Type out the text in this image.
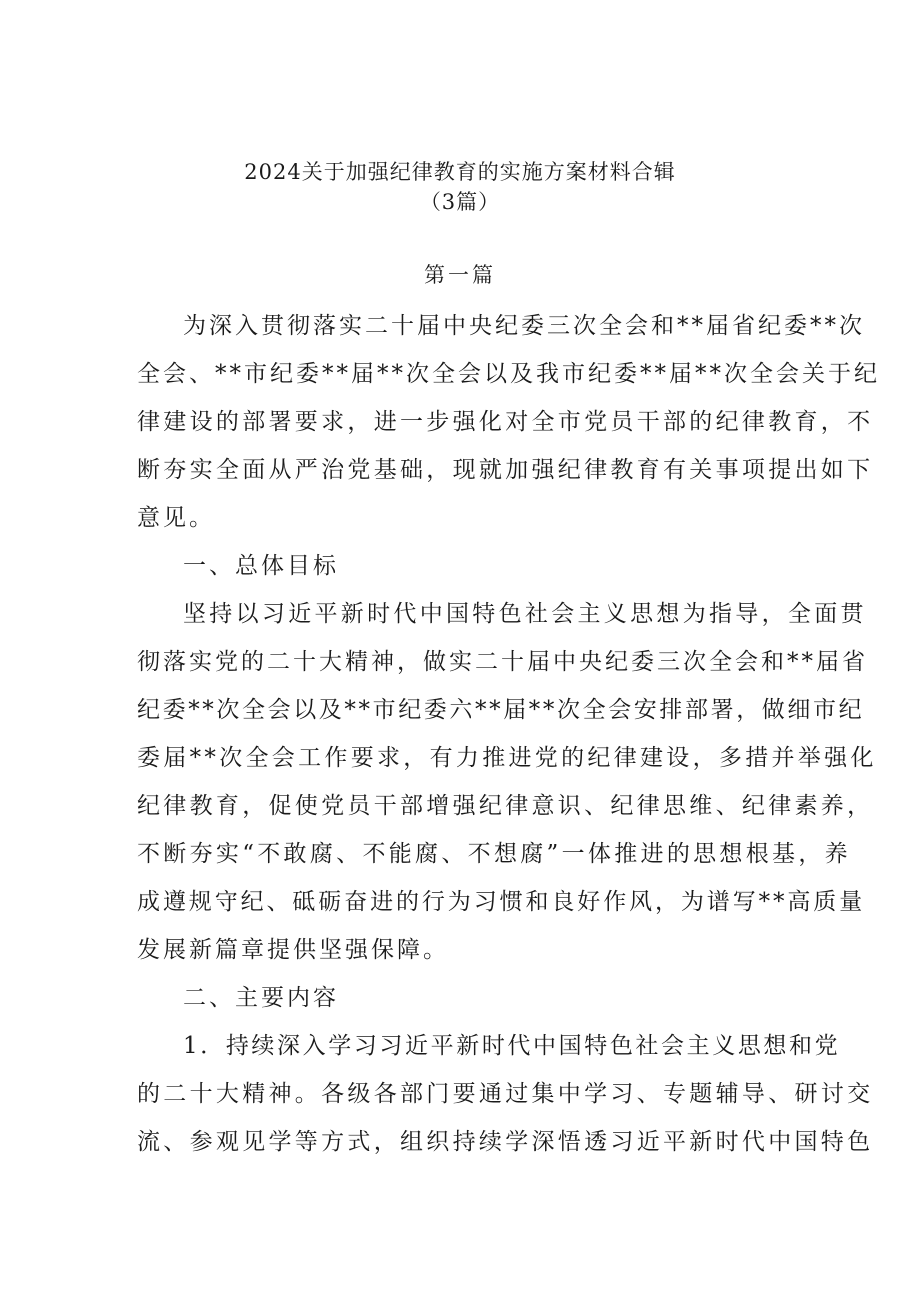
2024关于加强纪律教育的实施方案材料合辑
（3篇）
第一篇
为深入贯彻落实二十届中央纪委三次全会和**届省纪委**次
全会、**市纪委**届**次全会以及我市纪委**届**次全会关于纪
律建设的部署要求，进一步强化对全市党员干部的纪律教育，不
断夯实全面从严治党基础，现就加强纪律教育有关事项提出如下
意见。
一、总体目标
坚持以习近平新时代中国特色社会主义思想为指导，全面贯
彻落实党的二十大精神，做实二十届中央纪委三次全会和**届省
纪委**次全会以及**市纪委六**届**次全会安排部署，做细市纪
委届**次全会工作要求，有力推进党的纪律建设，多措并举强化
纪律教育，促使党员干部增强纪律意识、纪律思维、纪律素养，
不断夯实“不敢腐、不能腐、不想腐”一体推进的思想根基，养
成遵规守纪、砥砺奋进的行为习惯和良好作风，为谱写**高质量
发展新篇章提供坚强保障。
二、主要内容
1．持续深入学习习近平新时代中国特色社会主义思想和党
的二十大精神。各级各部门要通过集中学习、专题辅导、研讨交
流、参观见学等方式，组织持续学深悟透习近平新时代中国特色
